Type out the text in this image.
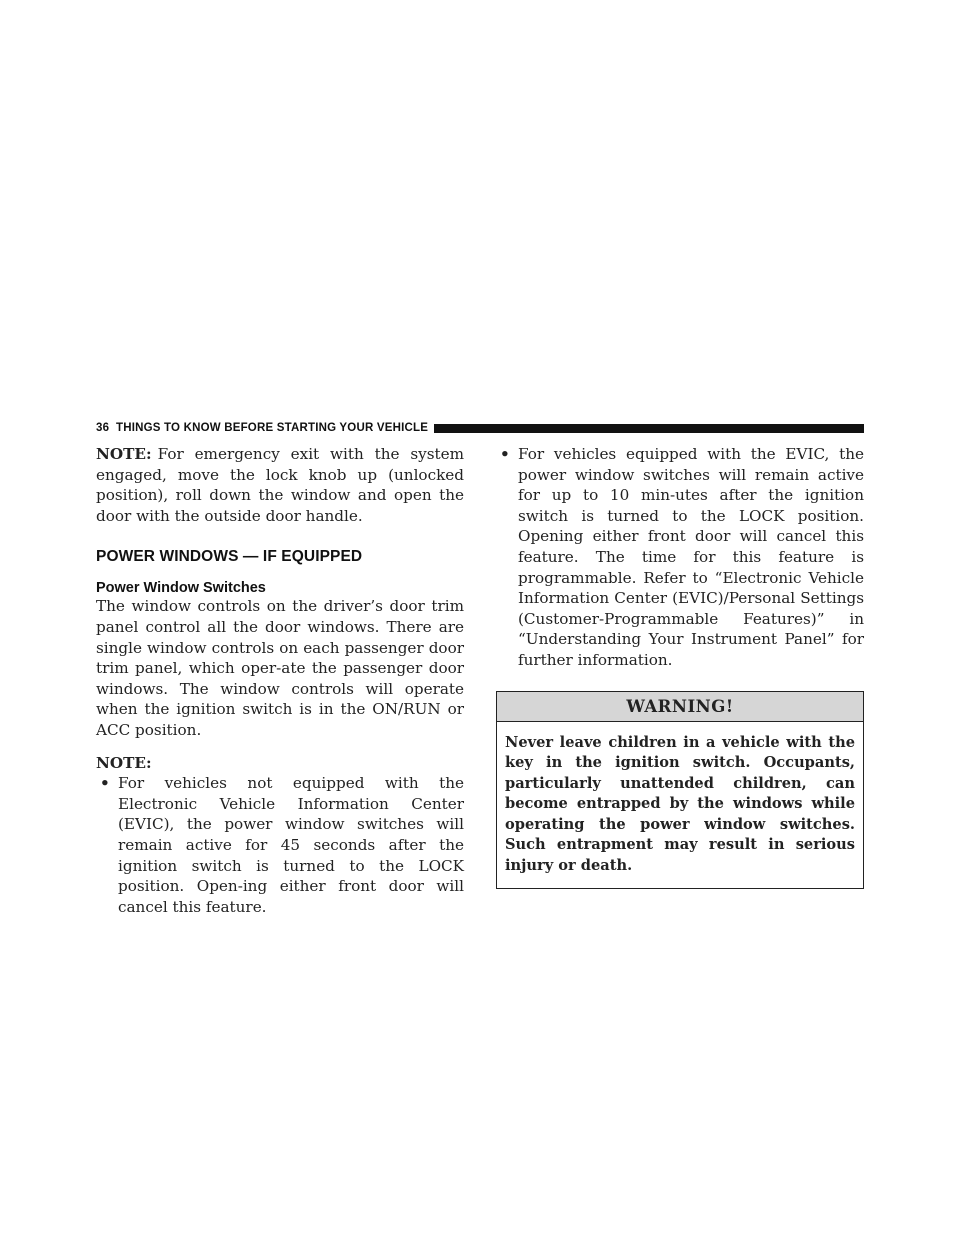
36 THINGS TO KNOW BEFORE STARTING YOUR VEHICLE

NOTE: For emergency exit with the system engaged, move the lock knob up (unlocked position), roll down the window and open the door with the outside door handle.

POWER WINDOWS — IF EQUIPPED
Power Window Switches

The window controls on the driver’s door trim panel control all the door windows. There are single window controls on each passenger door trim panel, which oper-ate the passenger door windows. The window controls will operate when the ignition switch is in the ON/RUN or ACC position.

NOTE:
• For vehicles not equipped with the Electronic Vehicle Information Center (EVIC), the power window switches will remain active for 45 seconds after the ignition switch is turned to the LOCK position. Open-ing either front door will cancel this feature.
• For vehicles equipped with the EVIC, the power window switches will remain active for up to 10 min-utes after the ignition switch is turned to the LOCK position. Opening either front door will cancel this feature. The time for this feature is programmable. Refer to “Electronic Vehicle Information Center (EVIC)/Personal Settings (Customer-Programmable Features)” in “Understanding Your Instrument Panel” for further information.
WARNING!
Never leave children in a vehicle with the key in the ignition switch. Occupants, particularly unattended children, can become entrapped by the windows while operating the power window switches. Such entrapment may result in serious injury or death.
